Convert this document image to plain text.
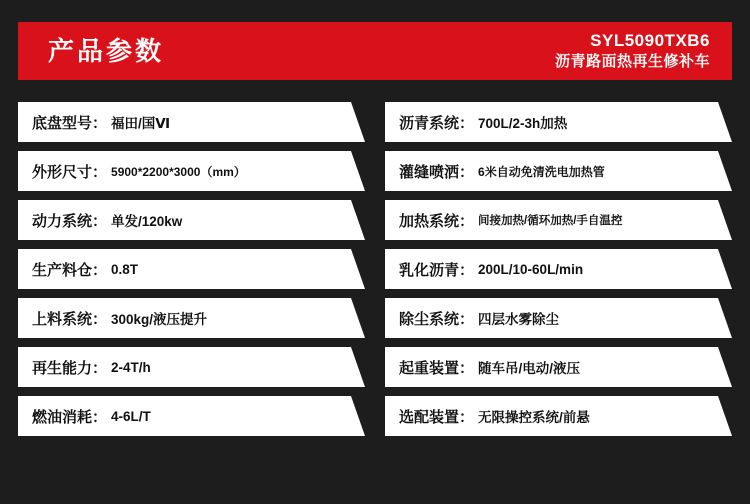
产品参数	SYL5090TXB6
沥青路面热再生修补车
底盘型号： 福田/国Ⅵ
外形尺寸： 5900*2200*3000（mm）
动力系统： 单发/120kw
生产料仓： 0.8T
上料系统： 300kg/液压提升
再生能力： 2-4T/h
燃油消耗： 4-6L/T
沥青系统： 700L/2-3h加热
灌缝喷洒： 6米自动免清洗电加热管
加热系统： 间接加热/循环加热/手自温控
乳化沥青： 200L/10-60L/min
除尘系统： 四层水雾除尘
起重装置： 随车吊/电动/液压
选配装置： 无限操控系统/前悬
